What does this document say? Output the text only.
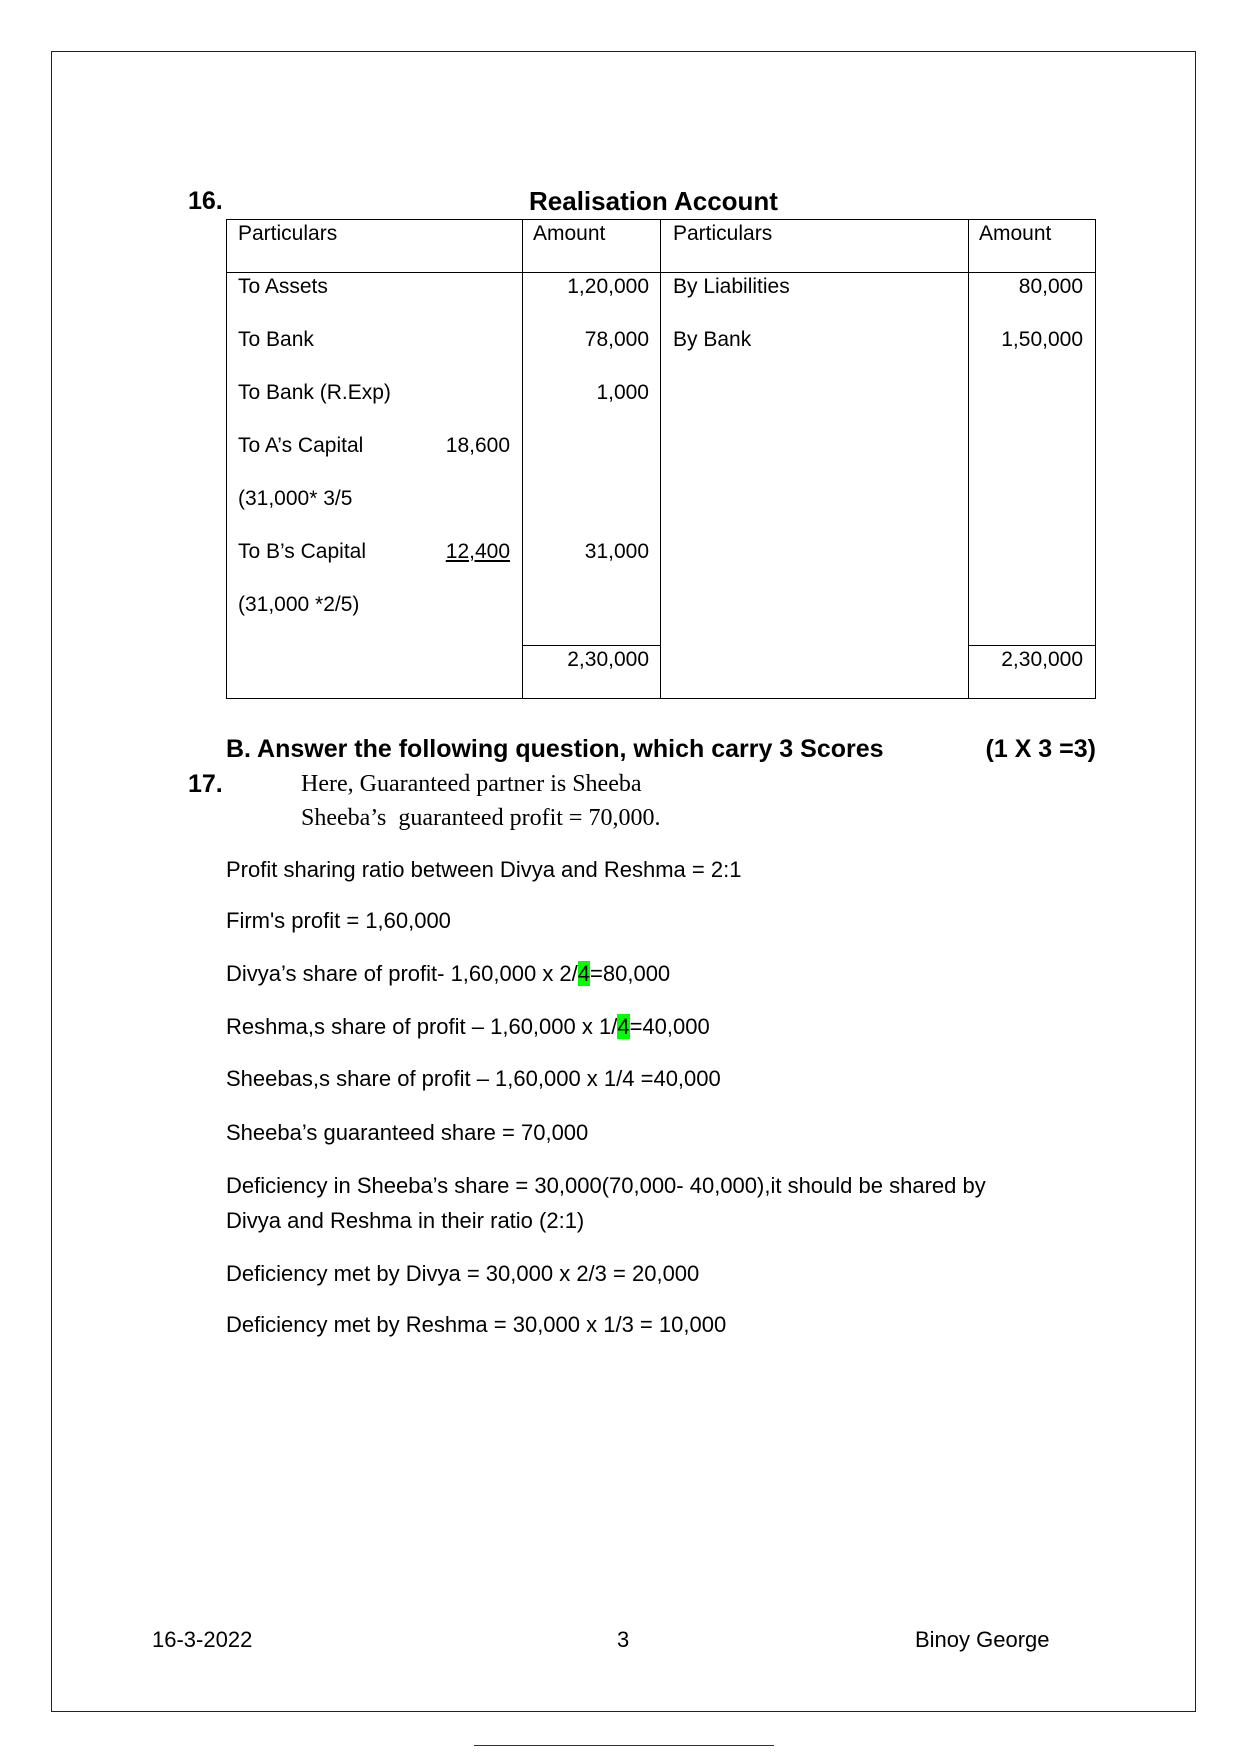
16.	Realisation Account
Particulars	Amount	Particulars	Amount
To Assets	1,20,000 By Liabilities	80,000
To Bank	78,000 By Bank	1,50,000
To Bank (R.Exp)	1,000
To A’s Capital	18,600
(31,000* 3/5
To B’s Capital	12,400	31,000
(31,000 *2/5)
2,30,000	2,30,000
B. Answer the following question, which carry 3 Scores	(1 X 3 =3)
17.	Here, Guaranteed partner is Sheeba
Sheeba’s  guaranteed profit = 70,000.
Profit sharing ratio between Divya and Reshma = 2:1
Firm's profit = 1,60,000
Divya’s share of profit- 1,60,000 x 2/4=80,000
Reshma,s share of profit – 1,60,000 x 1/4=40,000
Sheebas,s share of profit – 1,60,000 x 1/4 =40,000
Sheeba’s guaranteed share = 70,000
Deficiency in Sheeba’s share = 30,000(70,000- 40,000),it should be shared by
Divya and Reshma in their ratio (2:1)
Deficiency met by Divya = 30,000 x 2/3 = 20,000
Deficiency met by Reshma = 30,000 x 1/3 = 10,000
16-3-2022	3	Binoy George
